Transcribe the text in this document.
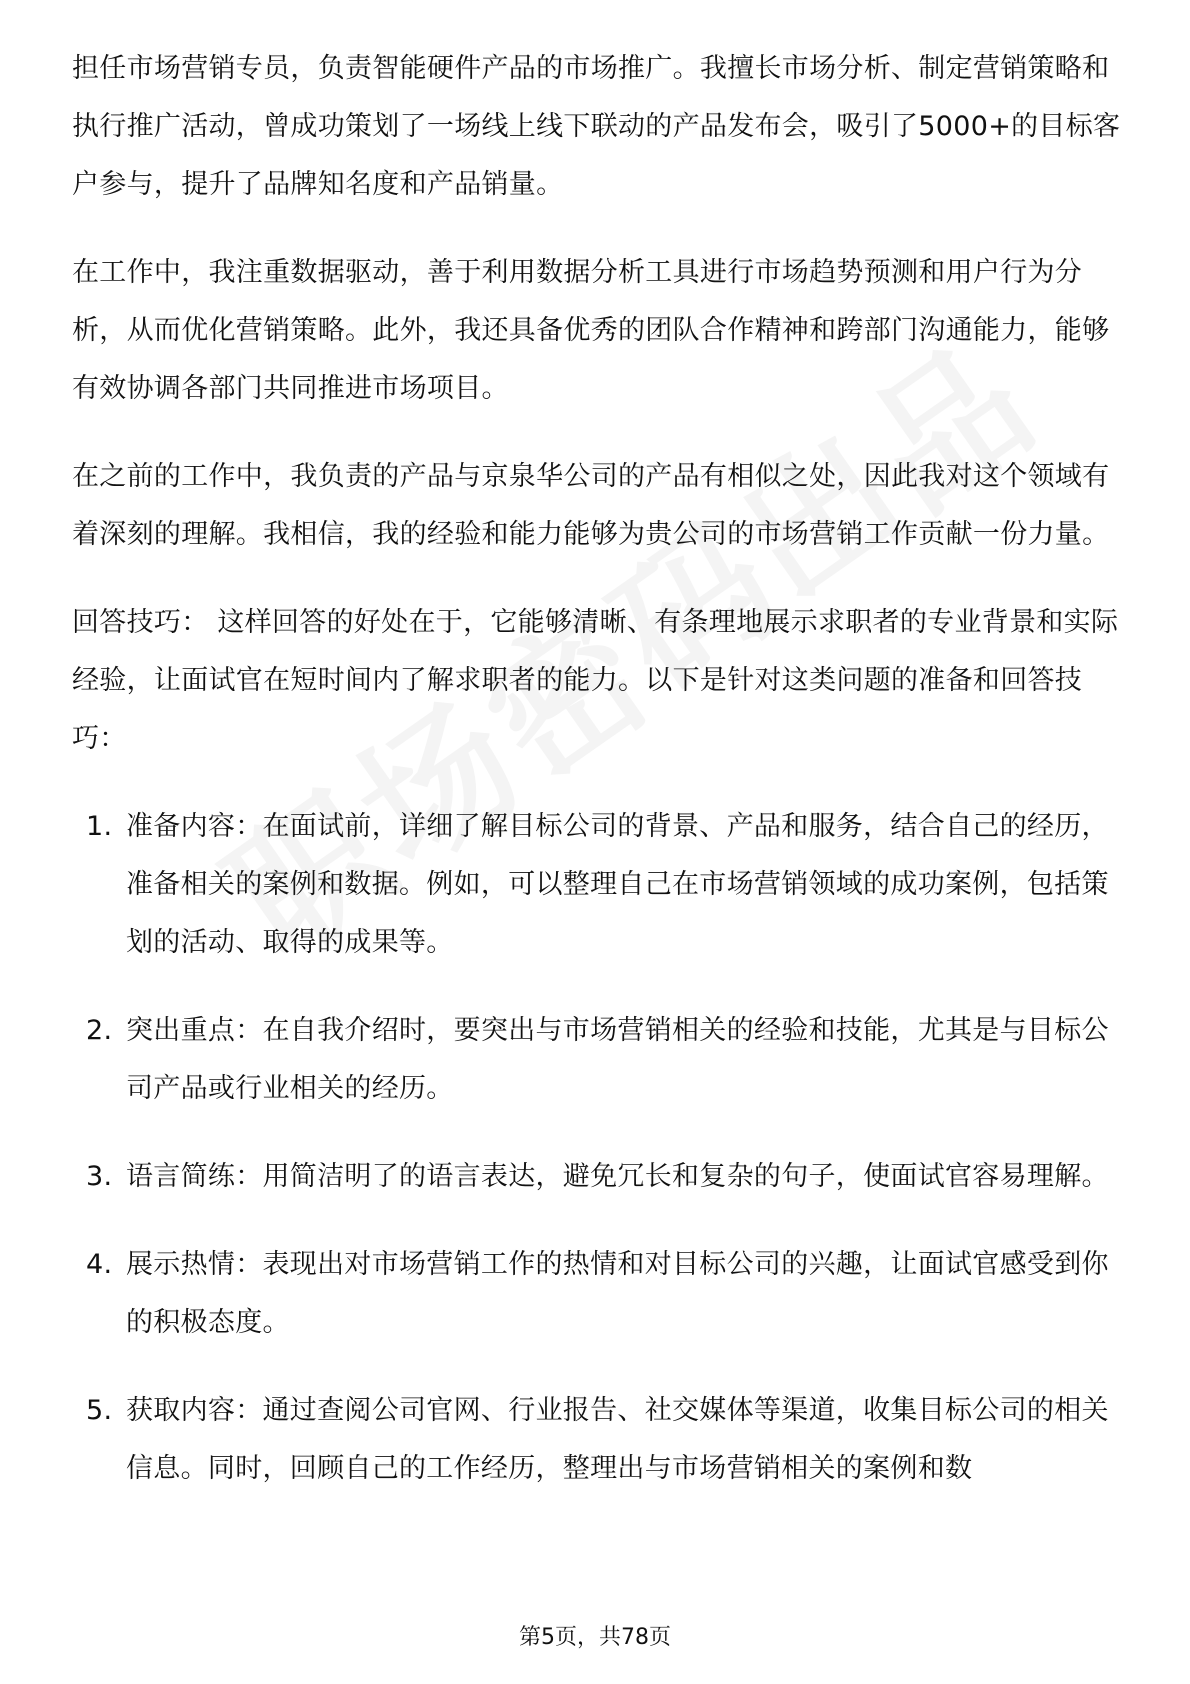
担任市场营销专员，负责智能硬件产品的市场推广。我擅长市场分析、制定营销策略和执行推广活动，曾成功策划了一场线上线下联动的产品发布会，吸引了5000+的目标客户参与，提升了品牌知名度和产品销量。

在工作中，我注重数据驱动，善于利用数据分析工具进行市场趋势预测和用户行为分析，从而优化营销策略。此外，我还具备优秀的团队合作精神和跨部门沟通能力，能够有效协调各部门共同推进市场项目。

在之前的工作中，我负责的产品与京泉华公司的产品有相似之处，因此我对这个领域有着深刻的理解。我相信，我的经验和能力能够为贵公司的市场营销工作贡献一份力量。

回答技巧： 这样回答的好处在于，它能够清晰、有条理地展示求职者的专业背景和实际经验，让面试官在短时间内了解求职者的能力。以下是针对这类问题的准备和回答技巧：

1. 准备内容：在面试前，详细了解目标公司的背景、产品和服务，结合自己的经历，准备相关的案例和数据。例如，可以整理自己在市场营销领域的成功案例，包括策划的活动、取得的成果等。
2. 突出重点：在自我介绍时，要突出与市场营销相关的经验和技能，尤其是与目标公司产品或行业相关的经历。
3. 语言简练：用简洁明了的语言表达，避免冗长和复杂的句子，使面试官容易理解。
4. 展示热情：表现出对市场营销工作的热情和对目标公司的兴趣，让面试官感受到你的积极态度。
5. 获取内容：通过查阅公司官网、行业报告、社交媒体等渠道，收集目标公司的相关信息。同时，回顾自己的工作经历，整理出与市场营销相关的案例和数
第5页，共78页
